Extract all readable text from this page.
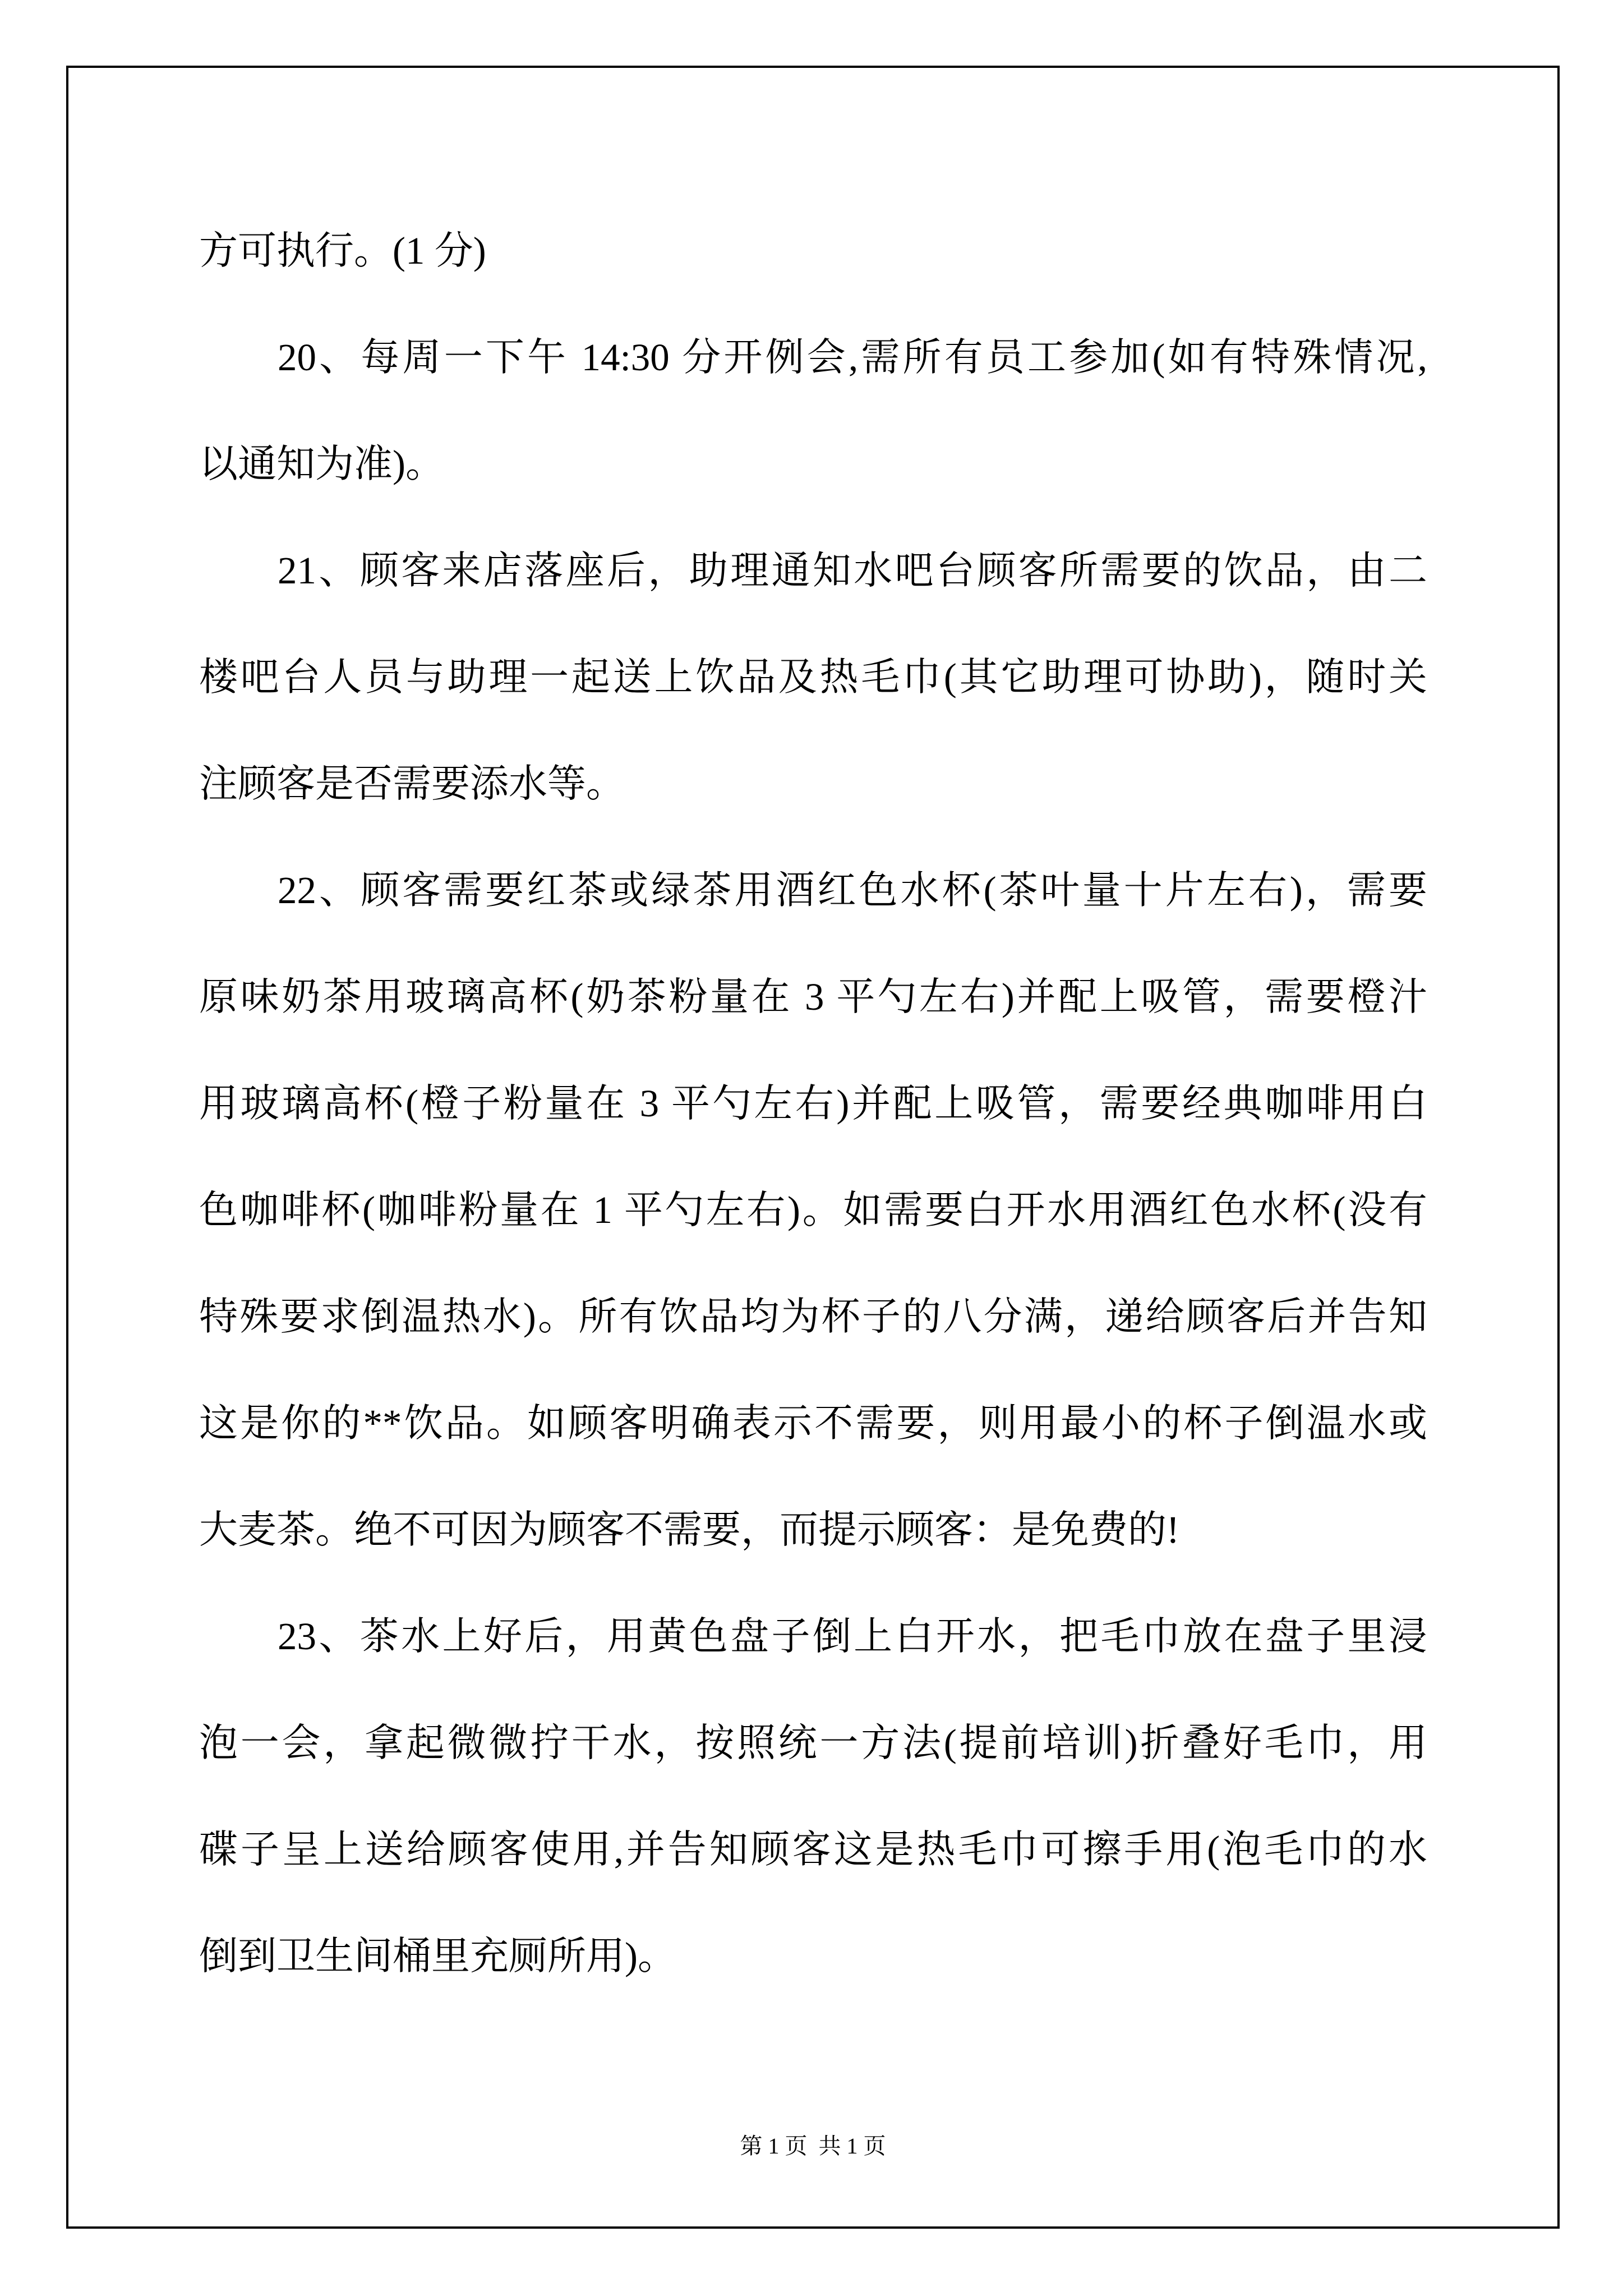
方可执行。(1 分)
20、每周一下午 14:30 分开例会,需所有员工参加(如有特殊情况,
以通知为准)。
21、顾客来店落座后，助理通知水吧台顾客所需要的饮品，由二
楼吧台人员与助理一起送上饮品及热毛巾(其它助理可协助)，随时关
注顾客是否需要添水等。
22、顾客需要红茶或绿茶用酒红色水杯(茶叶量十片左右)，需要
原味奶茶用玻璃高杯(奶茶粉量在 3 平勺左右)并配上吸管，需要橙汁
用玻璃高杯(橙子粉量在 3 平勺左右)并配上吸管，需要经典咖啡用白
色咖啡杯(咖啡粉量在 1 平勺左右)。如需要白开水用酒红色水杯(没有
特殊要求倒温热水)。所有饮品均为杯子的八分满，递给顾客后并告知
这是你的**饮品。如顾客明确表示不需要，则用最小的杯子倒温水或
大麦茶。绝不可因为顾客不需要，而提示顾客：是免费的!
23、茶水上好后，用黄色盘子倒上白开水，把毛巾放在盘子里浸
泡一会，拿起微微拧干水，按照统一方法(提前培训)折叠好毛巾，用
碟子呈上送给顾客使用,并告知顾客这是热毛巾可擦手用(泡毛巾的水
倒到卫生间桶里充厕所用)。
第 1 页  共 1 页
